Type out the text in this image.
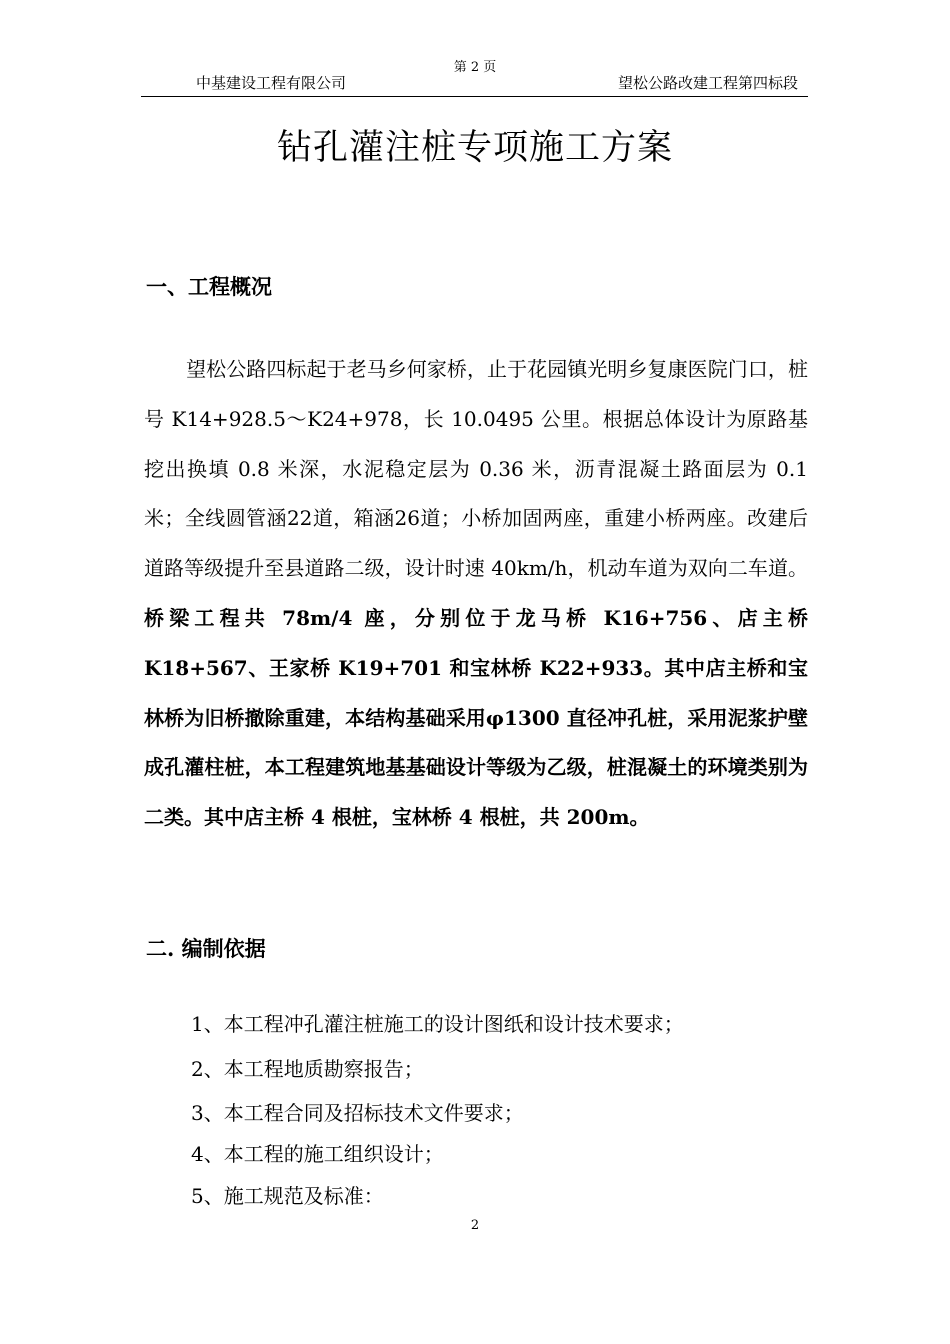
第 2 页
中基建设工程有限公司	望松公路改建工程第四标段
钻孔灌注桩专项施工方案
一、工程概况
望松公路四标起于老马乡何家桥，止于花园镇光明乡复康医院门口，桩号 K14+928.5～K24+978，长 10.0495 公里。根据总体设计为原路基挖出换填 0.8 米深，水泥稳定层为 0.36 米，沥青混凝土路面层为 0.1 米；全线圆管涵22道，箱涵26道；小桥加固两座，重建小桥两座。改建后道路等级提升至县道路二级，设计时速 40km/h，机动车道为双向二车道。 桥梁工程共 78m/4 座，分别位于龙马桥 K16+756、店主桥 K18+567、王家桥 K19+701 和宝林桥 K22+933。其中店主桥和宝林桥为旧桥撤除重建，本结构基础采用φ1300 直径冲孔桩，采用泥浆护壁成孔灌柱桩，本工程建筑地基基础设计等级为乙级，桩混凝土的环境类别为二类。其中店主桥 4 根桩，宝林桥 4 根桩，共 200m。
二. 编制依据
1、本工程冲孔灌注桩施工的设计图纸和设计技术要求；
2、本工程地质勘察报告；
3、本工程合同及招标技术文件要求；
4、本工程的施工组织设计；
5、施工规范及标准：
2
